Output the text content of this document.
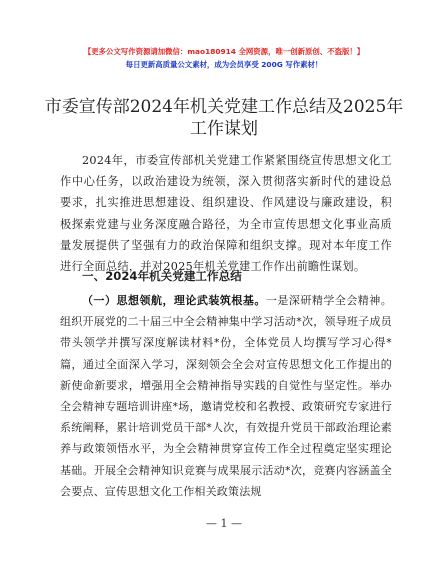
【更多公文写作资源请加微信：mao180914 全网资源，唯一创新原创、不盗版！】
每日更新高质量公文素材，成为会员享受 200G 写作素材！
市委宣传部2024年机关党建工作总结及2025年
工作谋划
2024年，市委宣传部机关党建工作紧紧围绕宣传思想文化工作中心任务，以政治建设为统领，深入贯彻落实新时代的建设总要求，扎实推进思想建设、组织建设、作风建设与廉政建设，积极探索党建与业务深度融合路径，为全市宣传思想文化事业高质量发展提供了坚强有力的政治保障和组织支撑。现对本年度工作进行全面总结，并对2025年机关党建工作作出前瞻性谋划。
一、2024年机关党建工作总结
（一）思想领航，理论武装筑根基。一是深研精学全会精神。组织开展党的二十届三中全会精神集中学习活动*次，领导班子成员带头领学并撰写深度解读材料*份，全体党员人均撰写学习心得*篇，通过全面深入学习，深刻领会全会对宣传思想文化工作提出的新使命新要求，增强用全会精神指导实践的自觉性与坚定性。举办全会精神专题培训讲座*场，邀请党校和名教授、政策研究专家进行系统阐释，累计培训党员干部*人次，有效提升党员干部政治理论素养与政策领悟水平，为全会精神贯穿宣传工作全过程奠定坚实理论基础。开展全会精神知识竞赛与成果展示活动*次，竞赛内容涵盖全会要点、宣传思想文化工作相关政策法规
— 1 —
